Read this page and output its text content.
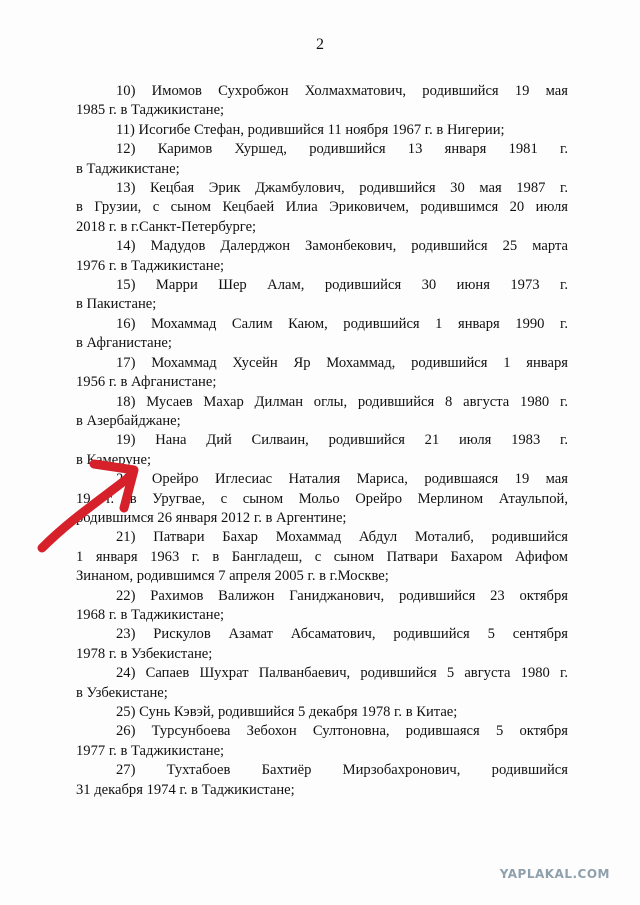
2
10) Имомов Сухробжон Холмахматович, родившийся 19 мая
1985 г. в Таджикистане;
11) Исогибе Стефан, родившийся 11 ноября 1967 г. в Нигерии;
12) Каримов Хуршед, родившийся 13 января 1981 г.
в Таджикистане;
13) Кецбая Эрик Джамбулович, родившийся 30 мая 1987 г.
в Грузии, с сыном Кецбаей Илиа Эриковичем, родившимся 20 июля
2018 г. в г.Санкт-Петербурге;
14) Мадудов Далерджон Замонбекович, родившийся 25 марта
1976 г. в Таджикистане;
15) Марри Шер Алам, родившийся 30 июня 1973 г.
в Пакистане;
16) Мохаммад Салим Каюм, родившийся 1 января 1990 г.
в Афганистане;
17) Мохаммад Хусейн Яр Мохаммад, родившийся 1 января
1956 г. в Афганистане;
18) Мусаев Махар Дилман оглы, родившийся 8 августа 1980 г.
в Азербайджане;
19) Нана Дий Силваин, родившийся 21 июля 1983 г.
в Камеруне;
20) Орейро Иглесиас Наталия Мариса, родившаяся 19 мая
19 г. в Уругвае, с сыном Мольо Орейро Мерлином Атаульпой,
родившимся 26 января 2012 г. в Аргентине;
21) Патвари Бахар Мохаммад Абдул Моталиб, родившийся
1 января 1963 г. в Бангладеш, с сыном Патвари Бахаром Афифом
Зинаном, родившимся 7 апреля 2005 г. в г.Москве;
22) Рахимов Валижон Ганиджанович, родившийся 23 октября
1968 г. в Таджикистане;
23) Рискулов Азамат Абсаматович, родившийся 5 сентября
1978 г. в Узбекистане;
24) Сапаев Шухрат Палванбаевич, родившийся 5 августа 1980 г.
в Узбекистане;
25) Сунь Кэвэй, родившийся 5 декабря 1978 г. в Китае;
26) Турсунбоева Зебохон Султоновна, родившаяся 5 октября
1977 г. в Таджикистане;
27) Тухтабоев Бахтиёр Мирзобахронович, родившийся
31 декабря 1974 г. в Таджикистане;
YAPLAKAL.COM
